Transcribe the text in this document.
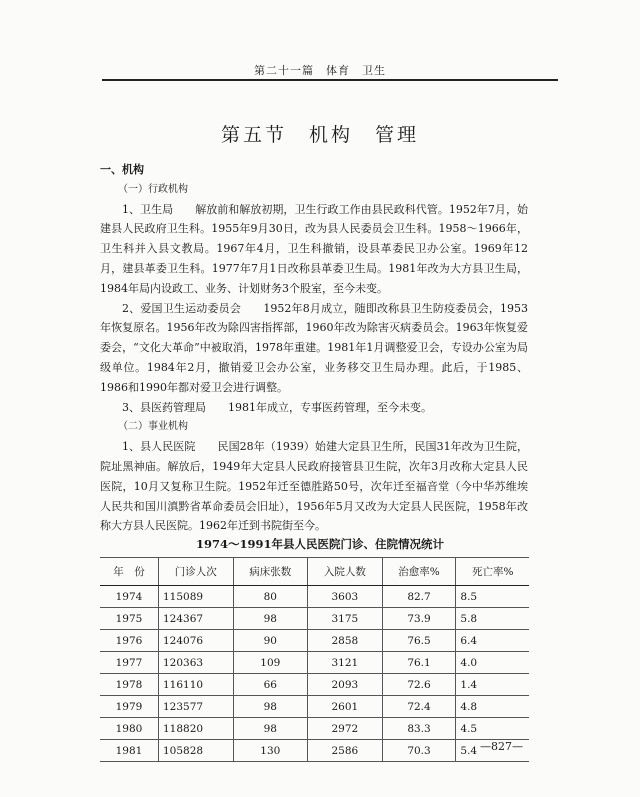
第二十一篇　体育　卫生
第五节　机构　管理
一、机构
（一）行政机构
1、卫生局　　解放前和解放初期，卫生行政工作由县民政科代管。1952年7月，始建县人民政府卫生科。1955年9月30日，改为县人民委员会卫生科。1958～1966年，卫生科并入县文教局。1967年4月，卫生科撤销，设县革委民卫办公室。1969年12月，建县革委卫生科。1977年7月1日改称县革委卫生局。1981年改为大方县卫生局，1984年局内设政工、业务、计划财务3个股室，至今未变。
2、爱国卫生运动委员会　　1952年8月成立，随即改称县卫生防疫委员会，1953年恢复原名。1956年改为除四害指挥部，1960年改为除害灭病委员会。1963年恢复爱委会，“文化大革命”中被取消，1978年重建。1981年1月调整爱卫会，专设办公室为局级单位。1984年2月，撤销爱卫会办公室，业务移交卫生局办理。此后，于1985、1986和1990年都对爱卫会进行调整。
3、县医药管理局　　1981年成立，专事医药管理，至今未变。
（二）事业机构
1、县人民医院　　民国28年（1939）始建大定县卫生所，民国31年改为卫生院，院址黑神庙。解放后，1949年大定县人民政府接管县卫生院，次年3月改称大定县人民医院，10月又复称卫生院。1952年迁至德胜路50号，次年迁至福音堂（今中华苏维埃人民共和国川滇黔省革命委员会旧址），1956年5月又改为大定县人民医院，1958年改称大方县人民医院。1962年迁到书院街至今。
1974～1991年县人民医院门诊、住院情况统计
年　份	门诊人次	病床张数	入院人数	治愈率%	死亡率%
1974	115089	80	3603	82.7	8.5
1975	124367	98	3175	73.9	5.8
1976	124076	90	2858	76.5	6.4
1977	120363	109	3121	76.1	4.0
1978	116110	66	2093	72.6	1.4
1979	123577	98	2601	72.4	4.8
1980	118820	98	2972	83.3	4.5
1981	105828	130	2586	70.3	5.4 —827—
